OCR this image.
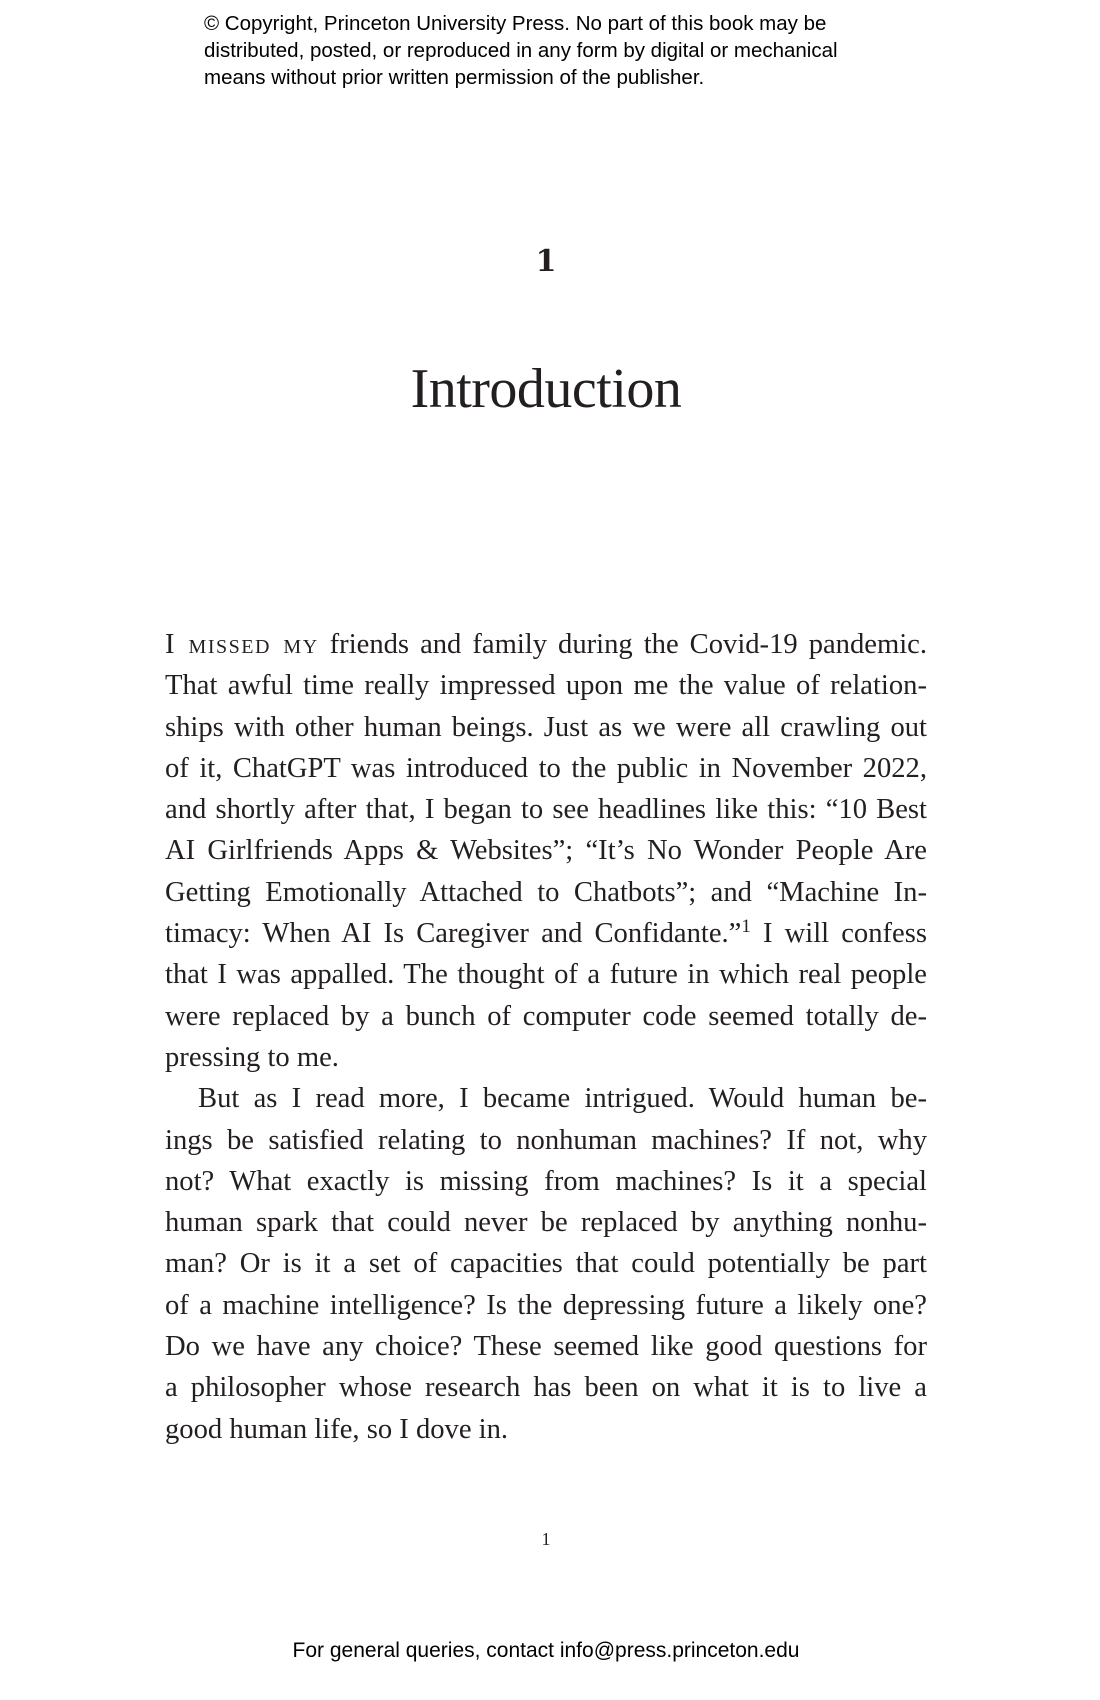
© Copyright, Princeton University Press. No part of this book may be
distributed, posted, or reproduced in any form by digital or mechanical
means without prior written permission of the publisher.
1
Introduction
I missed my friends and family during the Covid-19 pandemic.
That awful time really impressed upon me the value of relation-
ships with other human beings. Just as we were all crawling out
of it, ChatGPT was introduced to the public in November 2022,
and shortly after that, I began to see headlines like this: “10 Best
AI Girlfriends Apps & Websites”; “It’s No Wonder People Are
Getting Emotionally Attached to Chatbots”; and “Machine In-
timacy: When AI Is Caregiver and Confidante.”$^1$ I will confess
that I was appalled. The thought of a future in which real people
were replaced by a bunch of computer code seemed totally de-
pressing to me.
But as I read more, I became intrigued. Would human be-
ings be satisfied relating to nonhuman machines? If not, why
not? What exactly is missing from machines? Is it a special
human spark that could never be replaced by anything nonhu-
man? Or is it a set of capacities that could potentially be part
of a machine intelligence? Is the depressing future a likely one?
Do we have any choice? These seemed like good questions for
a philosopher whose research has been on what it is to live a
good human life, so I dove in.
1
For general queries, contact info@press.princeton.edu
